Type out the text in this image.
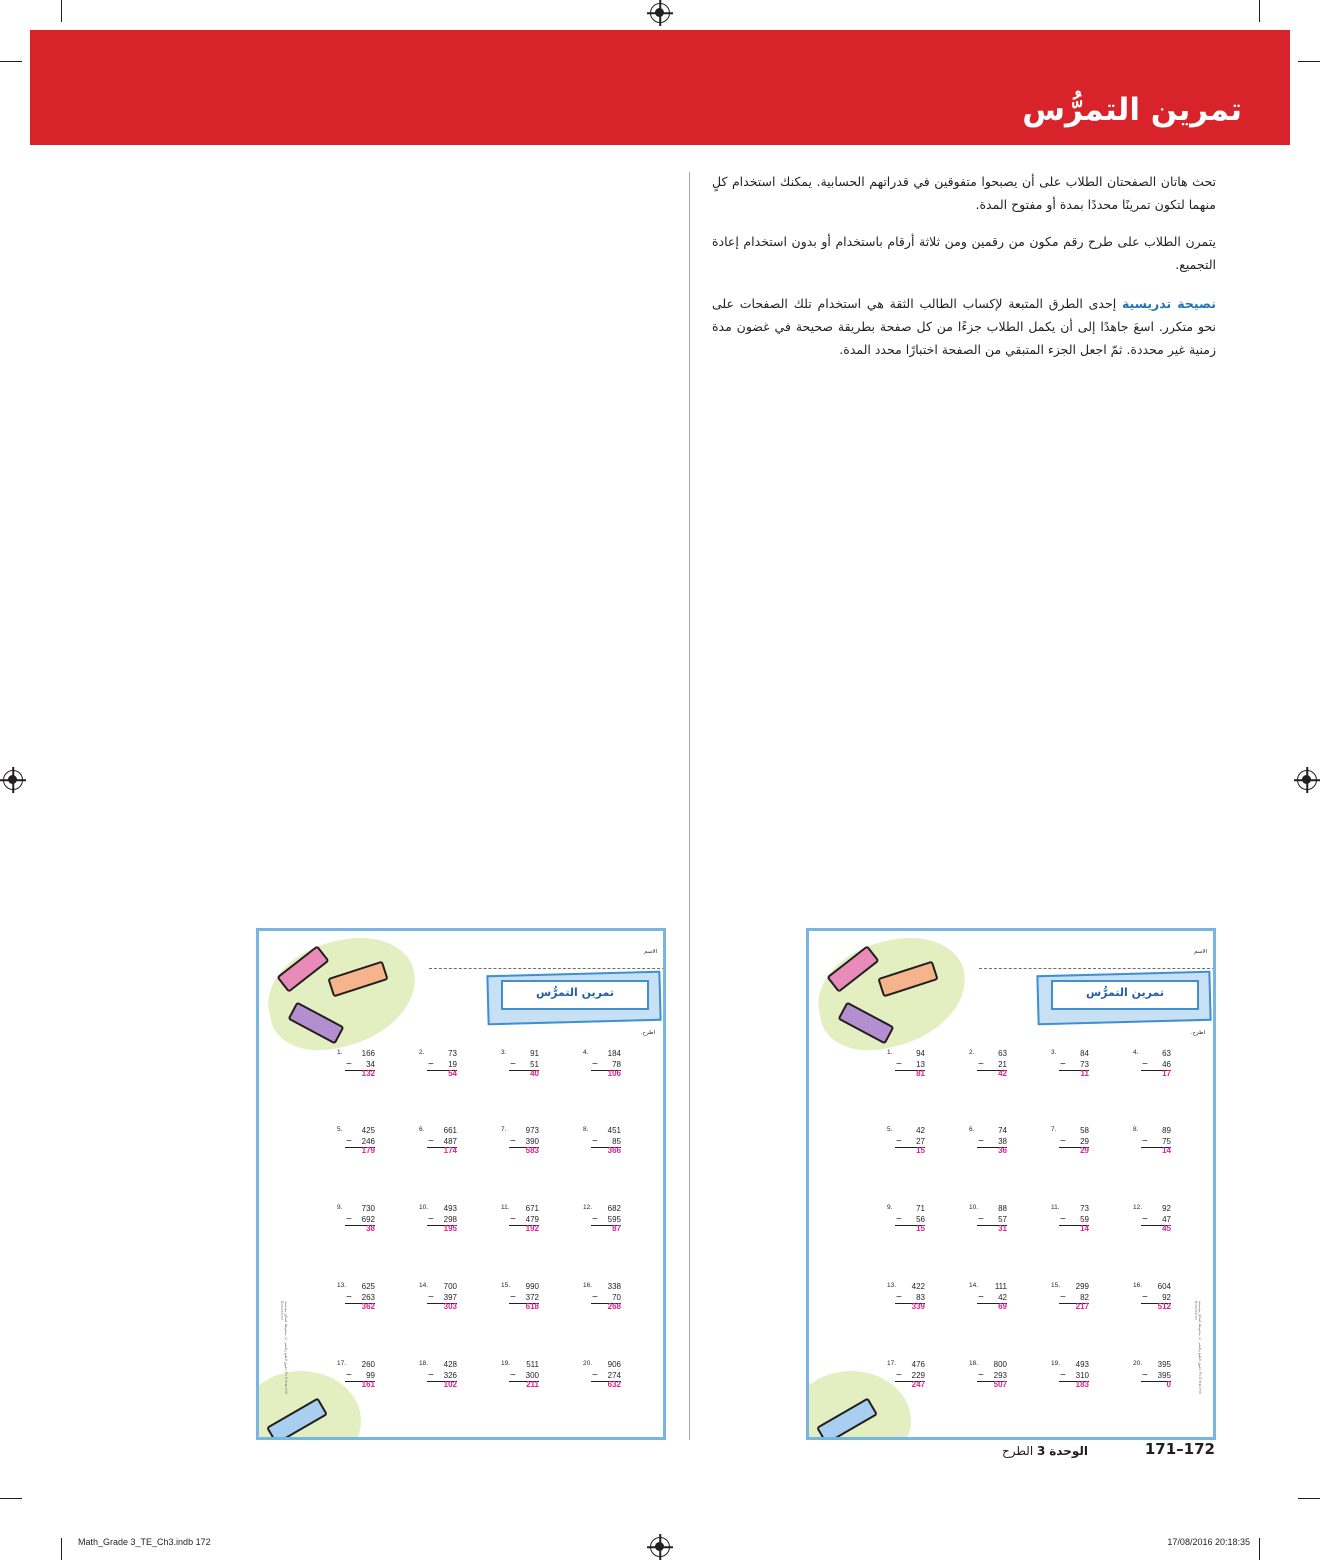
تمرين التمرُّس

تحث هاتان الصفحتان الطلاب على أن يصبحوا متفوقين في قدراتهم الحسابية. يمكنك استخدام كلٍ منهما لتكون تمرينًا محددًا بمدة أو مفتوح المدة.

يتمرن الطلاب على طرح رقم مكون من رقمين ومن ثلاثة أرقام باستخدام أو بدون استخدام إعادة التجميع.

نصيحة تدريسية إحدى الطرق المتبعة لإكساب الطالب الثقة هي استخدام تلك الصفحات على نحو متكرر. اسعَ جاهدًا إلى أن يكمل الطلاب جزءًا من كل صفحة بطريقة صحيحة في غضون مدة زمنية غير محددة. ثمّ اجعل الجزء المتبقي من الصفحة اختبارًا محدد المدة.

الاسم
تمرين التمرُّس
اطرح.
حقوق الطبع والنشر © محفوظة لصالح مؤسسة McGraw-Hill Education
1. 166
− 34
132
2.	73
− 19
54
3.	91
− 51
40
4. 184
− 78
106
5. 425
− 246
179
6. 661
− 487
174
7. 973
− 390
583
8. 451
− 85
366
9. 730
− 692
38
10. 493
− 298
195
11. 671
− 479
192
12. 682
− 595
87
13. 625
− 263
362
14. 700
− 397
303
15. 990
− 372
618
16. 338
− 70
268
17. 260
− 99
161
18. 428
− 326
102
19. 511
− 300
211
20. 906
− 274
632
الاسم
تمرين التمرُّس
اطرح.
حقوق الطبع والنشر © محفوظة لصالح مؤسسة McGraw-Hill Education
1.	94
− 13
81
2.	63
− 21
42
3.	84
− 73
11
4.	63
− 46
17
5.	42
− 27
15
6.	74
− 38
36
7.	58
− 29
29
8.	89
− 75
14
9.	71
− 56
15
10.	88
− 57
31
11.	73
− 59
14
12.	92
− 47
45
13. 422
− 83
339
14. 111
− 42
69
15. 299
− 82
217
16. 604
− 92
512
17. 476
− 229
247
18. 800
− 293
507
19. 493
− 310
183
20. 395
− 395
0
الوحدة 3 الطرح	171–172
Math_Grade 3_TE_Ch3.indb 172	17/08/2016 20:18:35
